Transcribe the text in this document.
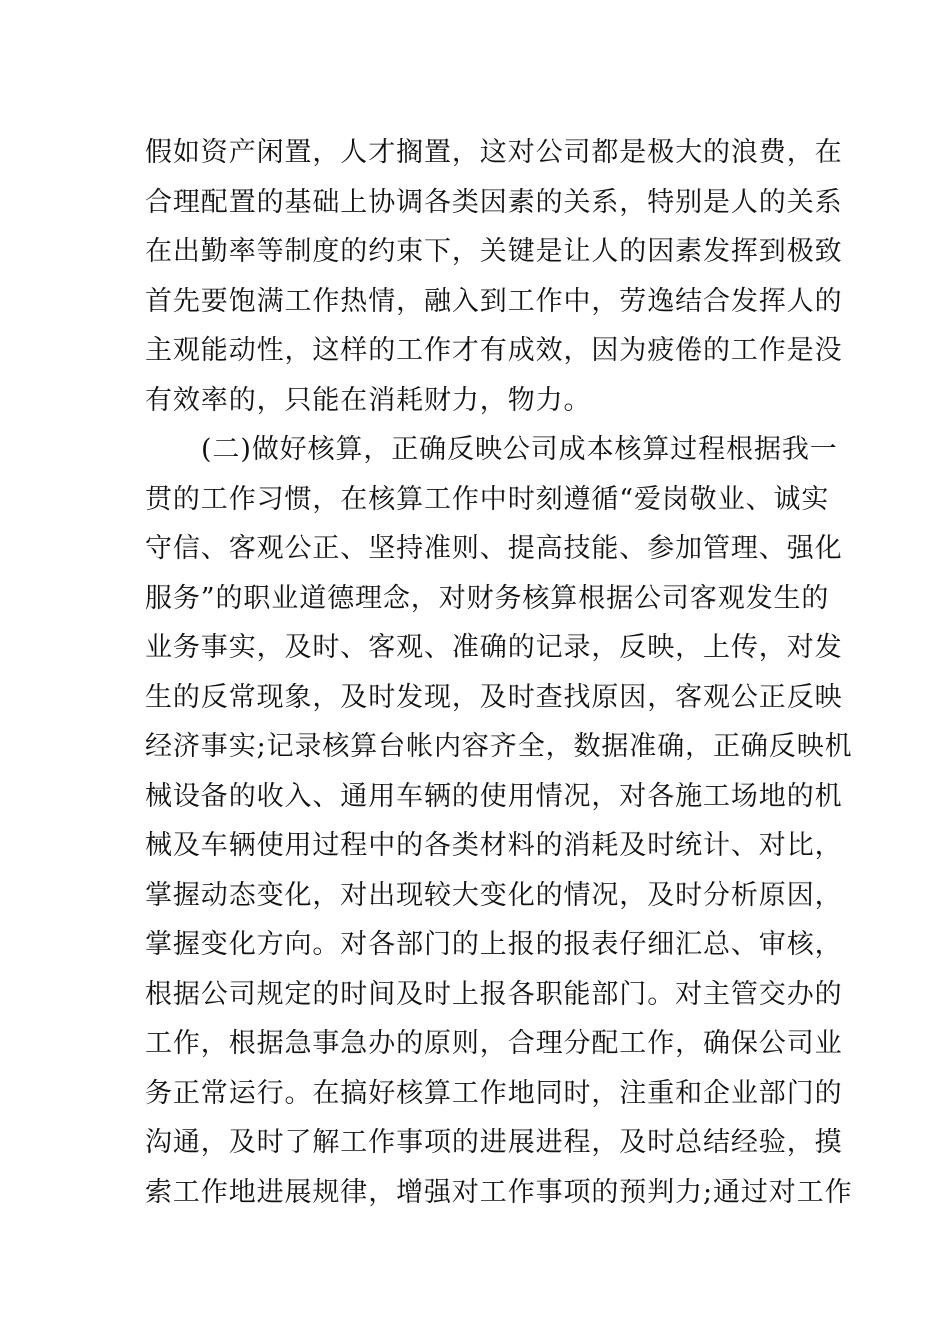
假如资产闲置，人才搁置，这对公司都是极大的浪费，在
合理配置的基础上协调各类因素的关系，特别是人的关系
在出勤率等制度的约束下，关键是让人的因素发挥到极致
首先要饱满工作热情，融入到工作中，劳逸结合发挥人的
主观能动性，这样的工作才有成效，因为疲倦的工作是没
有效率的，只能在消耗财力，物力。
(二)做好核算，正确反映公司成本核算过程根据我一
贯的工作习惯，在核算工作中时刻遵循“爱岗敬业、诚实
守信、客观公正、坚持准则、提高技能、参加管理、强化
服务”的职业道德理念，对财务核算根据公司客观发生的
业务事实，及时、客观、准确的记录，反映，上传，对发
生的反常现象，及时发现，及时查找原因，客观公正反映
经济事实;记录核算台帐内容齐全，数据准确，正确反映机
械设备的收入、通用车辆的使用情况，对各施工场地的机
械及车辆使用过程中的各类材料的消耗及时统计、对比，
掌握动态变化，对出现较大变化的情况，及时分析原因，
掌握变化方向。对各部门的上报的报表仔细汇总、审核，
根据公司规定的时间及时上报各职能部门。对主管交办的
工作，根据急事急办的原则，合理分配工作，确保公司业
务正常运行。在搞好核算工作地同时，注重和企业部门的
沟通，及时了解工作事项的进展进程，及时总结经验，摸
索工作地进展规律，增强对工作事项的预判力;通过对工作
